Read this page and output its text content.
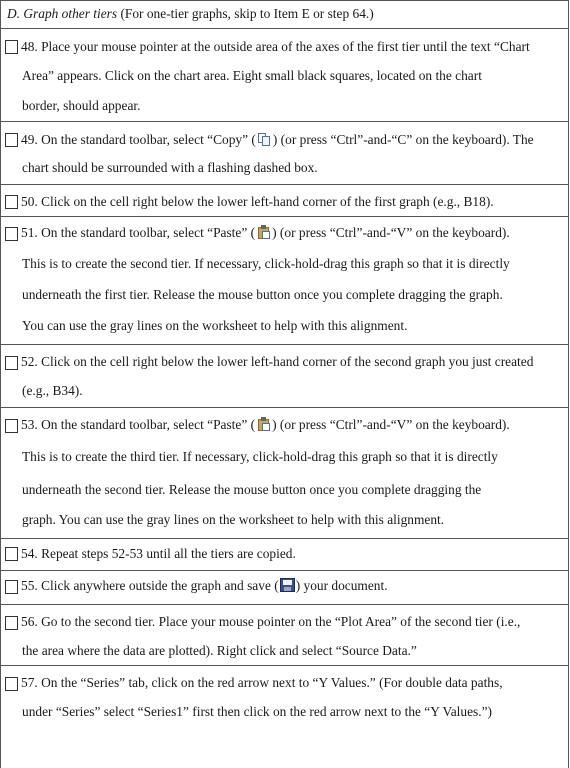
D. Graph other tiers (For one-tier graphs, skip to Item E or step 64.)
48. Place your mouse pointer at the outside area of the axes of the first tier until the text “Chart
Area” appears. Click on the chart area. Eight small black squares, located on the chart
border, should appear.
49. On the standard toolbar, select “Copy” ( ) (or press “Ctrl”-and-“C” on the keyboard). The
chart should be surrounded with a flashing dashed box.
50. Click on the cell right below the lower left-hand corner of the first graph (e.g., B18).
51. On the standard toolbar, select “Paste” ( ) (or press “Ctrl”-and-“V” on the keyboard).
This is to create the second tier. If necessary, click-hold-drag this graph so that it is directly
underneath the first tier. Release the mouse button once you complete dragging the graph.
You can use the gray lines on the worksheet to help with this alignment.
52. Click on the cell right below the lower left-hand corner of the second graph you just created
(e.g., B34).
53. On the standard toolbar, select “Paste” ( ) (or press “Ctrl”-and-“V” on the keyboard).
This is to create the third tier. If necessary, click-hold-drag this graph so that it is directly
underneath the second tier. Release the mouse button once you complete dragging the
graph. You can use the gray lines on the worksheet to help with this alignment.
54. Repeat steps 52-53 until all the tiers are copied.
55. Click anywhere outside the graph and save ( ) your document.
56. Go to the second tier. Place your mouse pointer on the “Plot Area” of the second tier (i.e.,
the area where the data are plotted). Right click and select “Source Data.”
57. On the “Series” tab, click on the red arrow next to “Y Values.” (For double data paths,
under “Series” select “Series1” first then click on the red arrow next to the “Y Values.”)
